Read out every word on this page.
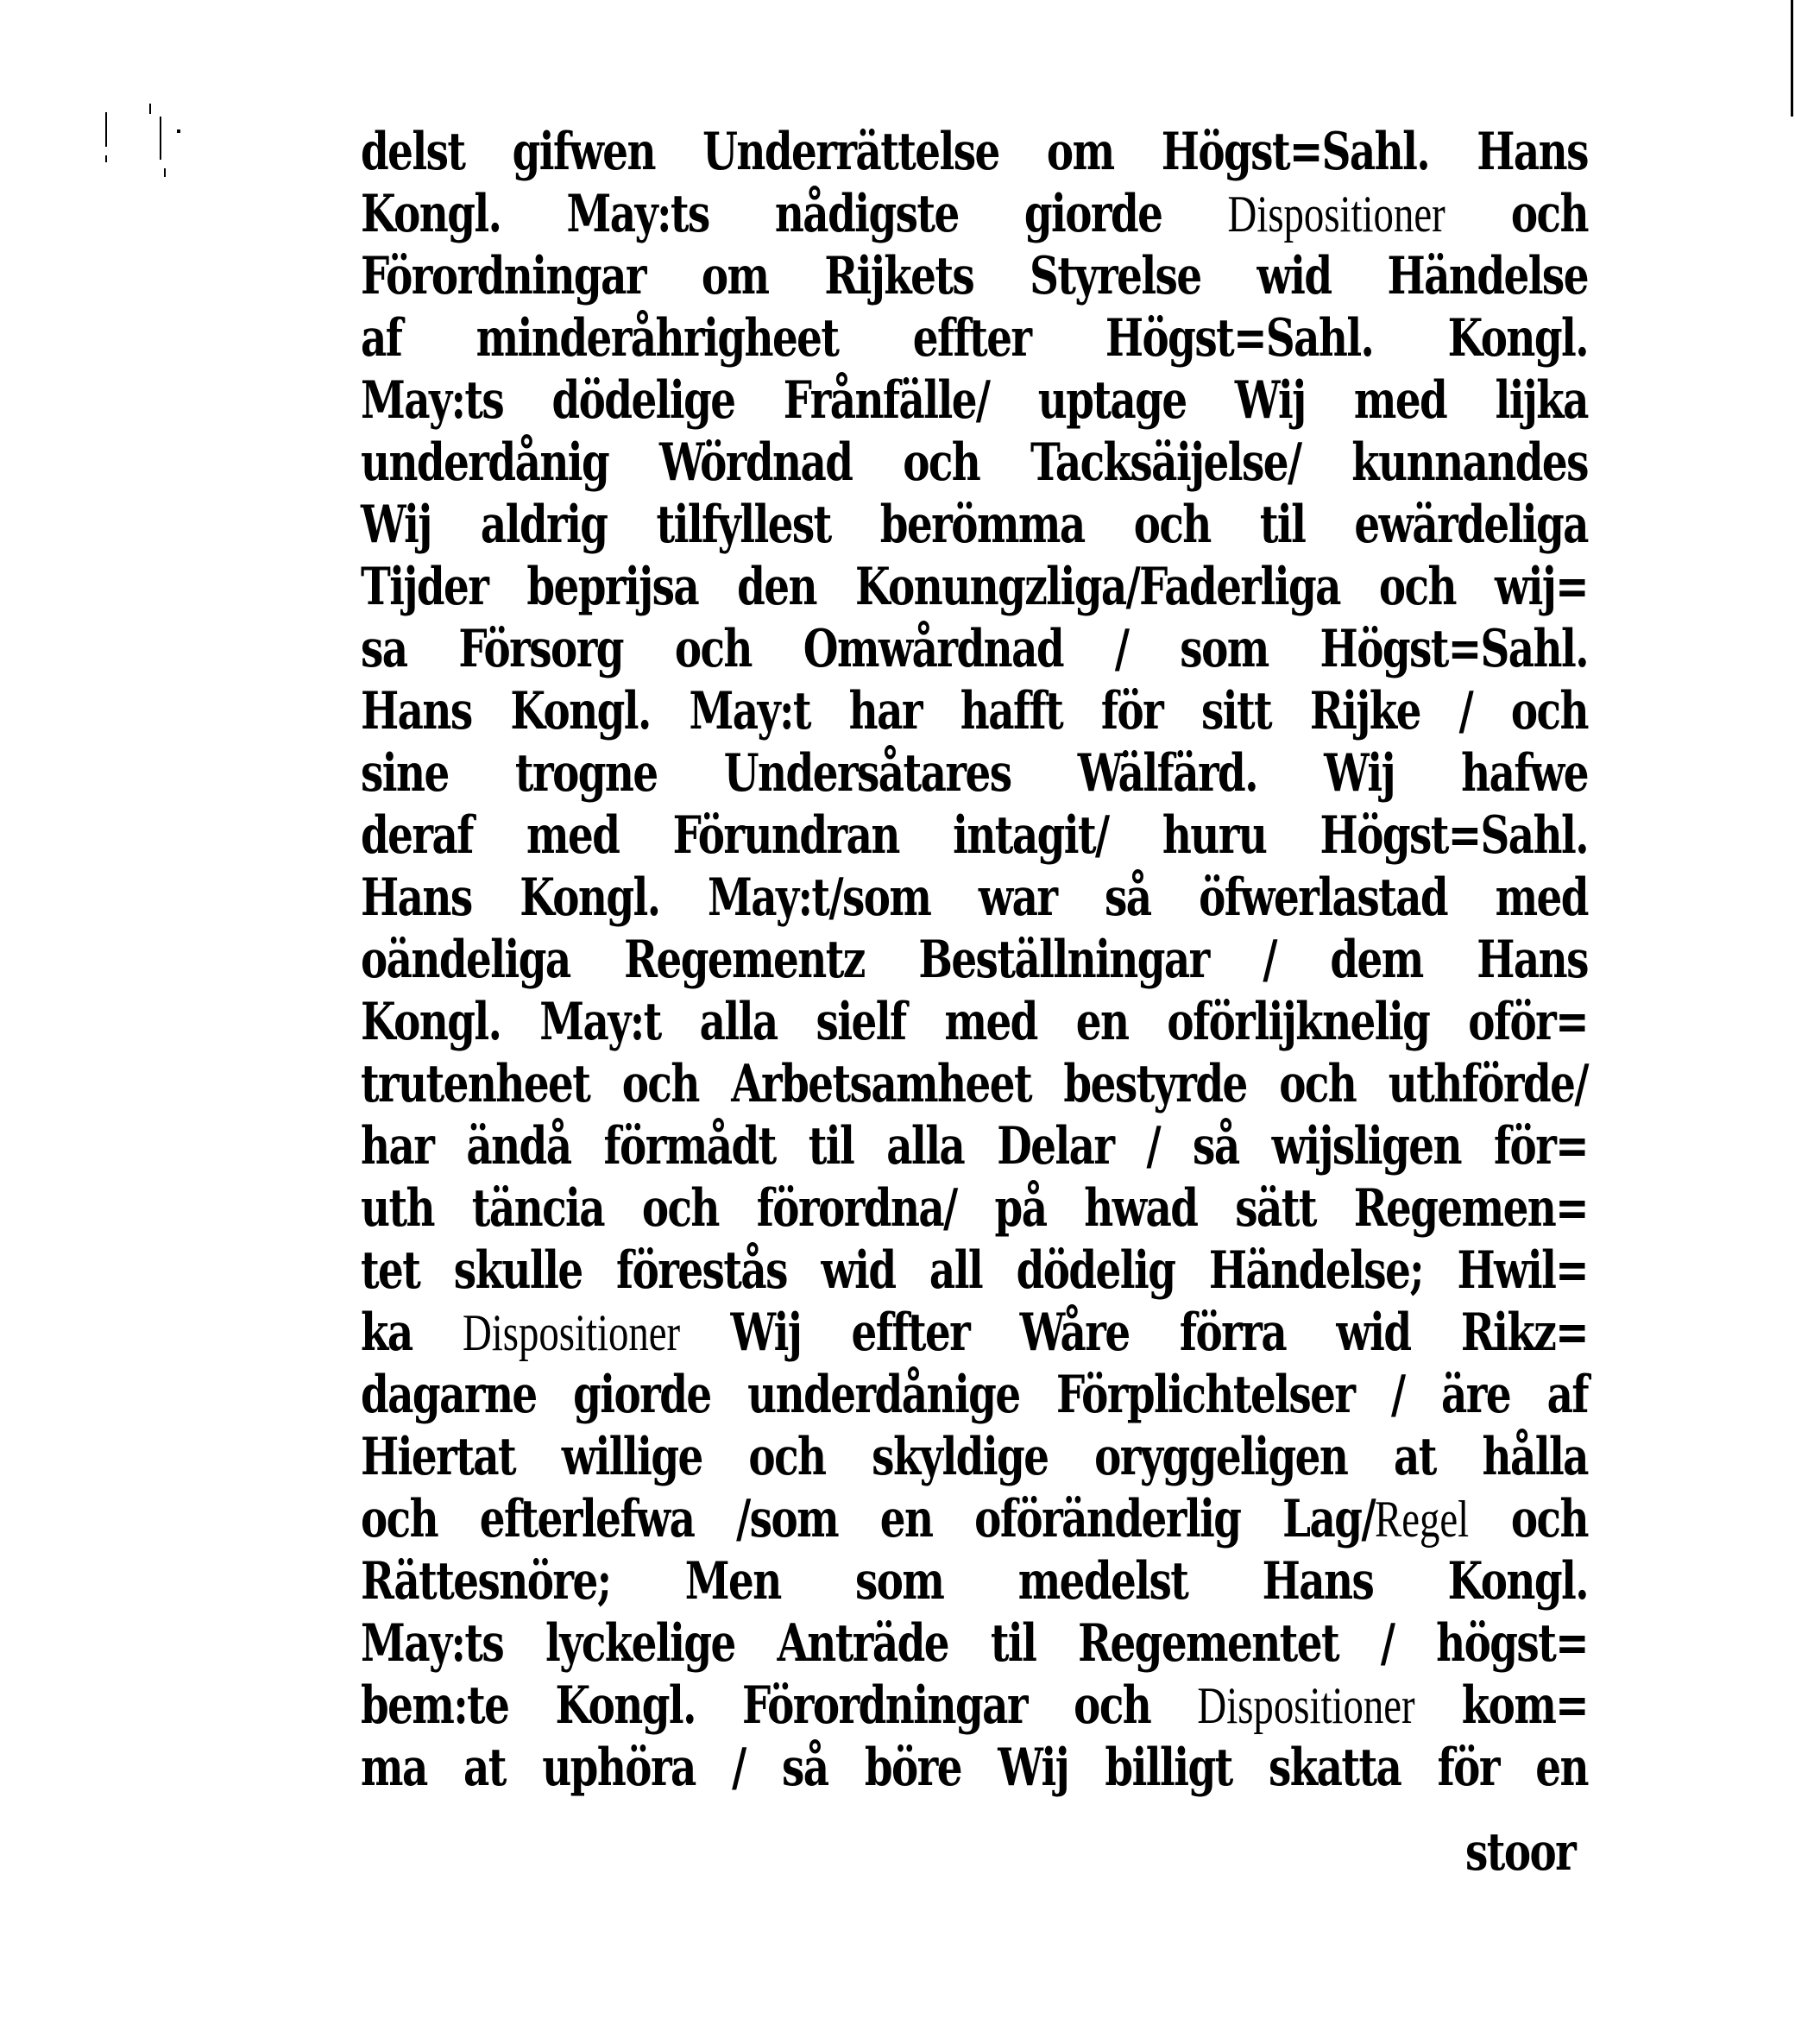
delst gifwen Underrättelse om Högst=Sahl. Hans
Kongl. May:ts nådigste giorde Dispositioner och
Förordningar om Rijkets Styrelse wid Händelse
af minderåhrigheet effter Högst=Sahl. Kongl.
May:ts dödelige Frånfälle/ uptage Wij med lijka
underdånig Wördnad och Tacksäijelse/ kunnandes
Wij aldrig tilfyllest berömma och til ewärdeliga
Tijder beprijsa den Konungzliga/Faderliga och wij=
sa Försorg och Omwårdnad / som Högst=Sahl.
Hans Kongl. May:t har hafft för sitt Rijke / och
sine trogne Undersåtares Wälfärd. Wij hafwe
deraf med Förundran intagit/ huru Högst=Sahl.
Hans Kongl. May:t/som war så öfwerlastad med
oändeliga Regementz Beställningar / dem Hans
Kongl. May:t alla sielf med en oförlijknelig oför=
trutenheet och Arbetsamheet bestyrde och uthförde/
har ändå förmådt til alla Delar / så wijsligen för=
uth täncia och förordna/ på hwad sätt Regemen=
tet skulle förestås wid all dödelig Händelse; Hwil=
ka Dispositioner Wij effter Wåre förra wid Rikz=
dagarne giorde underdånige Förplichtelser / äre af
Hiertat willige och skyldige oryggeligen at hålla
och efterlefwa /som en oföränderlig Lag/Regel och
Rättesnöre; Men som medelst Hans Kongl.
May:ts lyckelige Anträde til Regementet / högst=
bem:te Kongl. Förordningar och Dispositioner kom=
ma at uphöra / så böre Wij billigt skatta för en
stoor
